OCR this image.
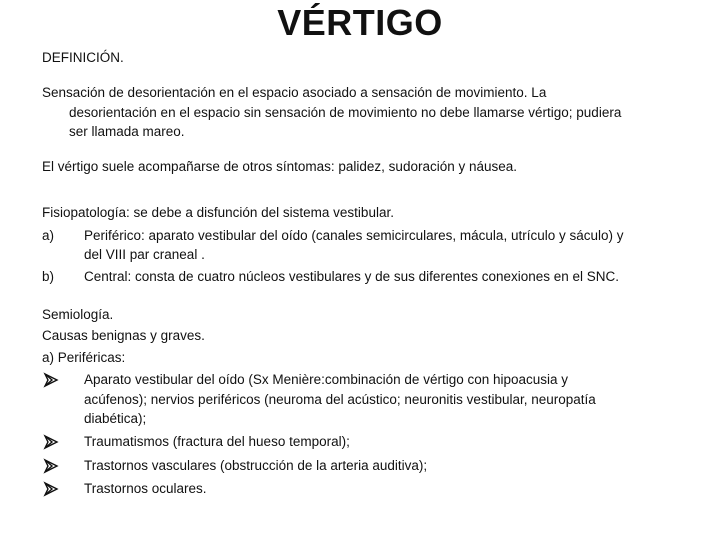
VÉRTIGO
DEFINICIÓN.
Sensación de desorientación en el espacio asociado a sensación de movimiento. La
desorientación en el espacio sin sensación de movimiento no debe llamarse vértigo; pudiera
ser llamada mareo.
El vértigo suele acompañarse de otros síntomas: palidez, sudoración y náusea.
Fisiopatología: se debe a disfunción del sistema vestibular.
a) Periférico: aparato vestibular del oído (canales semicirculares, mácula, utrículo y sáculo) y
del VIII par craneal .
b) Central: consta de cuatro núcleos vestibulares y de sus diferentes conexiones en el SNC.
Semiología.
Causas benignas y graves.
a) Periféricas:
Aparato vestibular del oído (Sx Menière:combinación de vértigo con hipoacusia y
acúfenos); nervios periféricos (neuroma del acústico; neuronitis vestibular, neuropatía
diabética);
Traumatismos (fractura del hueso temporal);
Trastornos vasculares (obstrucción de la arteria auditiva);
Trastornos oculares.
